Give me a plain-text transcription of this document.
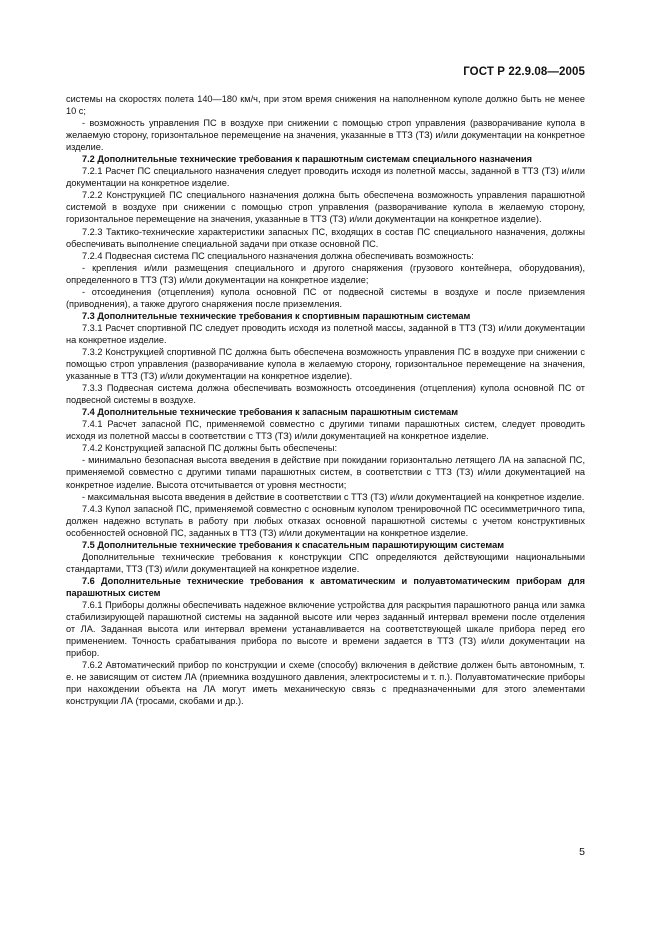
ГОСТ Р 22.9.08—2005

системы на скоростях полета 140—180 км/ч, при этом время снижения на наполненном куполе должно быть не менее 10 с;

- возможность управления ПС в воздухе при снижении с помощью строп управления (разворачивание купола в желаемую сторону, горизонтальное перемещение на значения, указанные в ТТЗ (ТЗ) и/или документации на конкретное изделие.

7.2 Дополнительные технические требования к парашютным системам специального назначения

7.2.1 Расчет ПС специального назначения следует проводить исходя из полетной массы, заданной в ТТЗ (ТЗ) и/или документации на конкретное изделие.

7.2.2 Конструкцией ПС специального назначения должна быть обеспечена возможность управления парашютной системой в воздухе при снижении с помощью строп управления (разворачивание купола в желаемую сторону, горизонтальное перемещение на значения, указанные в ТТЗ (ТЗ) и/или документации на конкретное изделие).

7.2.3 Тактико-технические характеристики запасных ПС, входящих в состав ПС специального назначения, должны обеспечивать выполнение специальной задачи при отказе основной ПС.

7.2.4 Подвесная система ПС специального назначения должна обеспечивать возможность:

- крепления и/или размещения специального и другого снаряжения (грузового контейнера, оборудования), определенного в ТТЗ (ТЗ) и/или документации на конкретное изделие;

- отсоединения (отцепления) купола основной ПС от подвесной системы в воздухе и после приземления (приводнения), а также другого снаряжения после приземления.

7.3 Дополнительные технические требования к спортивным парашютным системам

7.3.1 Расчет спортивной ПС следует проводить исходя из полетной массы, заданной в ТТЗ (ТЗ) и/или документации на конкретное изделие.

7.3.2 Конструкцией спортивной ПС должна быть обеспечена возможность управления ПС в воздухе при снижении с помощью строп управления (разворачивание купола в желаемую сторону, горизонтальное перемещение на значения, указанные в ТТЗ (ТЗ) и/или документации на конкретное изделие).

7.3.3 Подвесная система должна обеспечивать возможность отсоединения (отцепления) купола основной ПС от подвесной системы в воздухе.

7.4 Дополнительные технические требования к запасным парашютным системам

7.4.1 Расчет запасной ПС, применяемой совместно с другими типами парашютных систем, следует проводить исходя из полетной массы в соответствии с ТТЗ (ТЗ) и/или документацией на конкретное изделие.

7.4.2 Конструкцией запасной ПС должны быть обеспечены:

- минимально безопасная высота введения в действие при покидании горизонтально летящего ЛА на запасной ПС, применяемой совместно с другими типами парашютных систем, в соответствии с ТТЗ (ТЗ) и/или документацией на конкретное изделие. Высота отсчитывается от уровня местности;

- максимальная высота введения в действие в соответствии с ТТЗ (ТЗ) и/или документацией на конкретное изделие.

7.4.3 Купол запасной ПС, применяемой совместно с основным куполом тренировочной ПС осесимметричного типа, должен надежно вступать в работу при любых отказах основной парашютной системы с учетом конструктивных особенностей основной ПС, заданных в ТТЗ (ТЗ) и/или документации на конкретное изделие.

7.5 Дополнительные технические требования к спасательным парашютирующим системам

Дополнительные технические требования к конструкции СПС определяются действующими национальными стандартами, ТТЗ (ТЗ) и/или документацией на конкретное изделие.

7.6 Дополнительные технические требования к автоматическим и полуавтоматическим приборам для парашютных систем

7.6.1 Приборы должны обеспечивать надежное включение устройства для раскрытия парашютного ранца или замка стабилизирующей парашютной системы на заданной высоте или через заданный интервал времени после отделения от ЛА. Заданная высота или интервал времени устанавливается на соответствующей шкале прибора перед его применением. Точность срабатывания прибора по высоте и времени задается в ТТЗ (ТЗ) и/или документации на прибор.

7.6.2 Автоматический прибор по конструкции и схеме (способу) включения в действие должен быть автономным, т. е. не зависящим от систем ЛА (приемника воздушного давления, электросистемы и т. п.). Полуавтоматические приборы при нахождении объекта на ЛА могут иметь механическую связь с предназначенными для этого элементами конструкции ЛА (тросами, скобами и др.).

5
